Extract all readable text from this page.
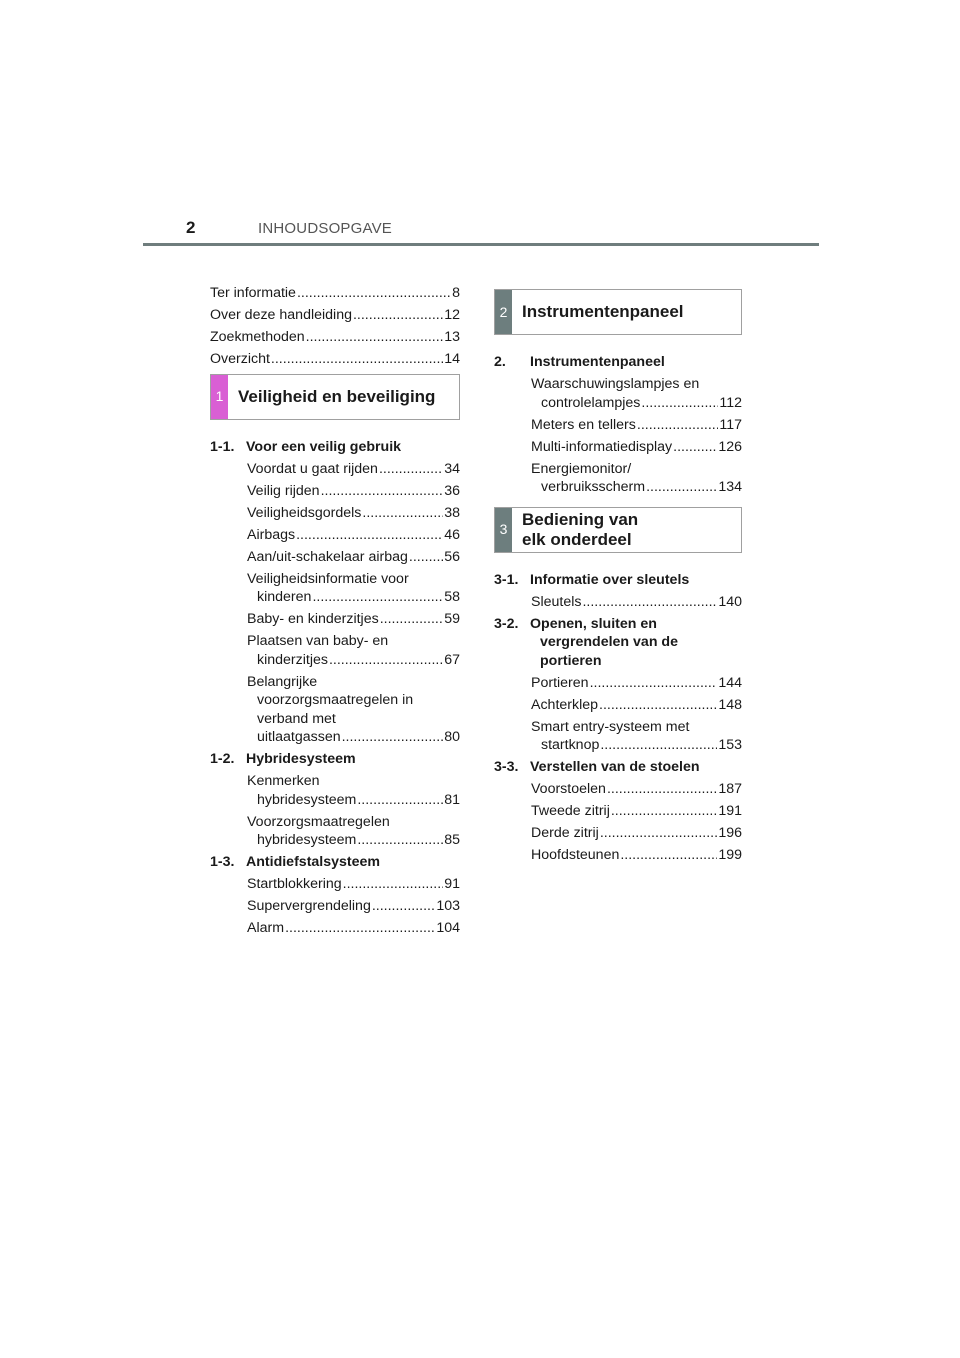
2	INHOUDSOPGAVE
Ter informatie .....	8
Over deze handleiding .....	12
Zoekmethoden .....	13
Overzicht .....	14
1 Veiligheid en beveiliging
1-1. Voor een veilig gebruik
Voordat u gaat rijden .....	34
Veilig rijden .....	36
Veiligheidsgordels .....	38
Airbags .....	46
Aan/uit-schakelaar airbag .....	56
Veiligheidsinformatie voor
kinderen .....	58
Baby- en kinderzitjes .....	59
Plaatsen van baby- en
kinderzitjes .....	67
Belangrijke
voorzorgsmaatregelen in
verband met
uitlaatgassen .....	80
1-2. Hybridesysteem
Kenmerken
hybridesysteem .....	81
Voorzorgsmaatregelen
hybridesysteem .....	85
1-3. Antidiefstalsysteem
Startblokkering .....	91
Supervergrendeling .....	103
Alarm .....	104
2 Instrumentenpaneel
2.	Instrumentenpaneel
Waarschuwingslampjes en
controlelampjes .....	112
Meters en tellers .....	117
Multi-informatiedisplay .....	126
Energiemonitor/
verbruiksscherm .....	134
3
Bediening van
elk onderdeel
3-1. Informatie over sleutels
Sleutels .....	140
3-2. Openen, sluiten en
vergrendelen van de
portieren
Portieren .....	144
Achterklep .....	148
Smart entry-systeem met
startknop .....	153
3-3. Verstellen van de stoelen
Voorstoelen .....	187
Tweede zitrij .....	191
Derde zitrij .....	196
Hoofdsteunen .....	199
